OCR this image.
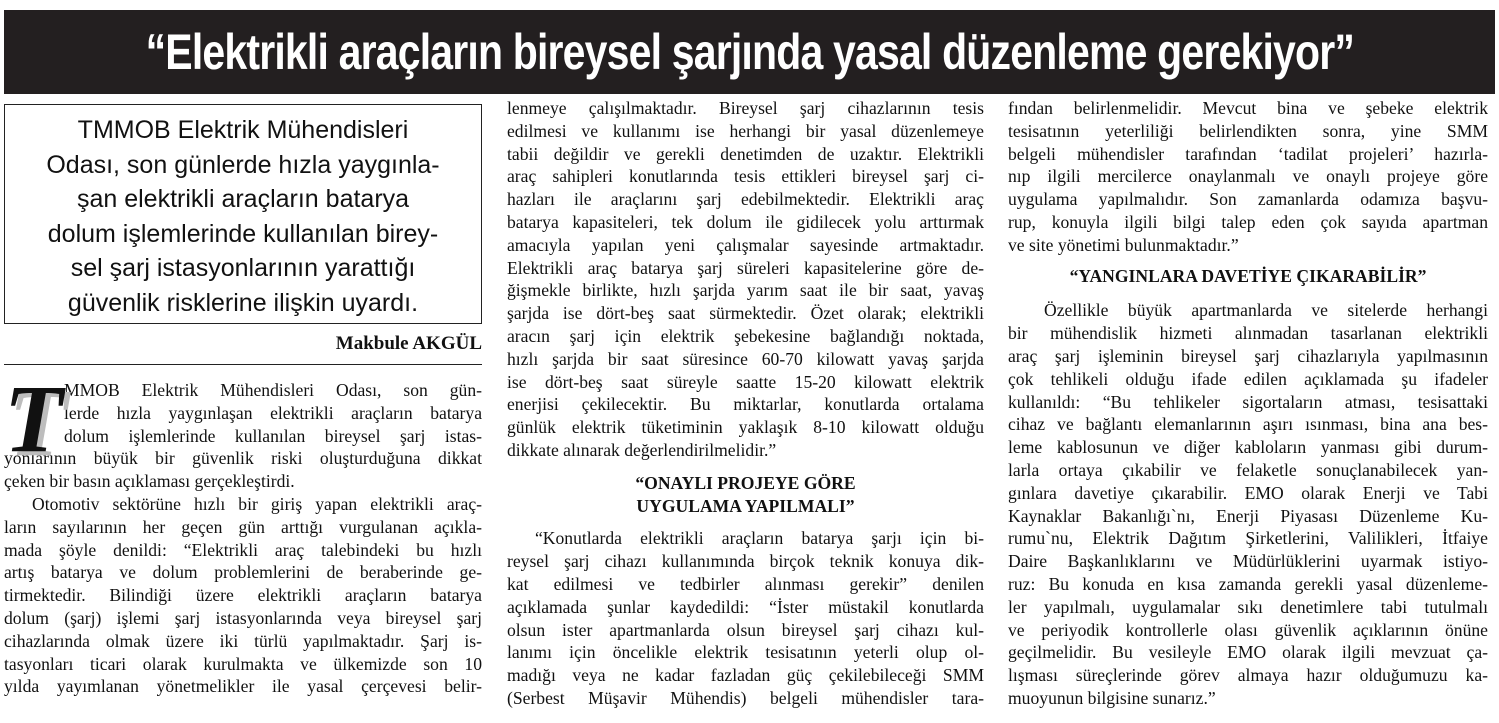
“Elektrikli araçların bireysel şarjında yasal düzenleme gerekiyor”
TMMOB Elektrik Mühendisleri
Odası, son günlerde hızla yaygınla-
şan elektrikli araçların batarya
dolum işlemlerinde kullanılan birey-
sel şarj istasyonlarının yarattığı
güvenlik risklerine ilişkin uyardı.
Makbule AKGÜL
T MMOB Elektrik Mühendisleri Odası, son gün-
lerde hızla yaygınlaşan elektrikli araçların batarya
dolum işlemlerinde kullanılan bireysel şarj istas-
yonlarının büyük bir güvenlik riski oluşturduğuna dikkat
çeken bir basın açıklaması gerçekleştirdi.
Otomotiv sektörüne hızlı bir giriş yapan elektrikli araç-
ların sayılarının her geçen gün arttığı vurgulanan açıkla-
mada şöyle denildi: “Elektrikli araç talebindeki bu hızlı
artış batarya ve dolum problemlerini de beraberinde ge-
tirmektedir. Bilindiği üzere elektrikli araçların batarya
dolum (şarj) işlemi şarj istasyonlarında veya bireysel şarj
cihazlarında olmak üzere iki türlü yapılmaktadır. Şarj is-
tasyonları ticari olarak kurulmakta ve ülkemizde son 10
yılda yayımlanan yönetmelikler ile yasal çerçevesi belir-
lenmeye çalışılmaktadır. Bireysel şarj cihazlarının tesis
edilmesi ve kullanımı ise herhangi bir yasal düzenlemeye
tabii değildir ve gerekli denetimden de uzaktır. Elektrikli
araç sahipleri konutlarında tesis ettikleri bireysel şarj ci-
hazları ile araçlarını şarj edebilmektedir. Elektrikli araç
batarya kapasiteleri, tek dolum ile gidilecek yolu arttırmak
amacıyla yapılan yeni çalışmalar sayesinde artmaktadır.
Elektrikli araç batarya şarj süreleri kapasitelerine göre de-
ğişmekle birlikte, hızlı şarjda yarım saat ile bir saat, yavaş
şarjda ise dört-beş saat sürmektedir. Özet olarak; elektrikli
aracın şarj için elektrik şebekesine bağlandığı noktada,
hızlı şarjda bir saat süresince 60-70 kilowatt yavaş şarjda
ise dört-beş saat süreyle saatte 15-20 kilowatt elektrik
enerjisi çekilecektir. Bu miktarlar, konutlarda ortalama
günlük elektrik tüketiminin yaklaşık 8-10 kilowatt olduğu
dikkate alınarak değerlendirilmelidir.”
“ONAYLI PROJEYE GÖRE
UYGULAMA YAPILMALI”
“Konutlarda elektrikli araçların batarya şarjı için bi-
reysel şarj cihazı kullanımında birçok teknik konuya dik-
kat edilmesi ve tedbirler alınması gerekir” denilen
açıklamada şunlar kaydedildi: “İster müstakil konutlarda
olsun ister apartmanlarda olsun bireysel şarj cihazı kul-
lanımı için öncelikle elektrik tesisatının yeterli olup ol-
madığı veya ne kadar fazladan güç çekilebileceği SMM
(Serbest Müşavir Mühendis) belgeli mühendisler tara-
fından belirlenmelidir. Mevcut bina ve şebeke elektrik
tesisatının yeterliliği belirlendikten sonra, yine SMM
belgeli mühendisler tarafından ‘tadilat projeleri’ hazırla-
nıp ilgili mercilerce onaylanmalı ve onaylı projeye göre
uygulama yapılmalıdır. Son zamanlarda odamıza başvu-
rup, konuyla ilgili bilgi talep eden çok sayıda apartman
ve site yönetimi bulunmaktadır.”
“YANGINLARA DAVETİYE ÇIKARABİLİR”
Özellikle büyük apartmanlarda ve sitelerde herhangi
bir mühendislik hizmeti alınmadan tasarlanan elektrikli
araç şarj işleminin bireysel şarj cihazlarıyla yapılmasının
çok tehlikeli olduğu ifade edilen açıklamada şu ifadeler
kullanıldı: “Bu tehlikeler sigortaların atması, tesisattaki
cihaz ve bağlantı elemanlarının aşırı ısınması, bina ana bes-
leme kablosunun ve diğer kabloların yanması gibi durum-
larla ortaya çıkabilir ve felaketle sonuçlanabilecek yan-
gınlara davetiye çıkarabilir. EMO olarak Enerji ve Tabi
Kaynaklar Bakanlığı`nı, Enerji Piyasası Düzenleme Ku-
rumu`nu, Elektrik Dağıtım Şirketlerini, Valilikleri, İtfaiye
Daire Başkanlıklarını ve Müdürlüklerini uyarmak istiyo-
ruz: Bu konuda en kısa zamanda gerekli yasal düzenleme-
ler yapılmalı, uygulamalar sıkı denetimlere tabi tutulmalı
ve periyodik kontrollerle olası güvenlik açıklarının önüne
geçilmelidir. Bu vesileyle EMO olarak ilgili mevzuat ça-
lışması süreçlerinde görev almaya hazır olduğumuzu ka-
muoyunun bilgisine sunarız.”
